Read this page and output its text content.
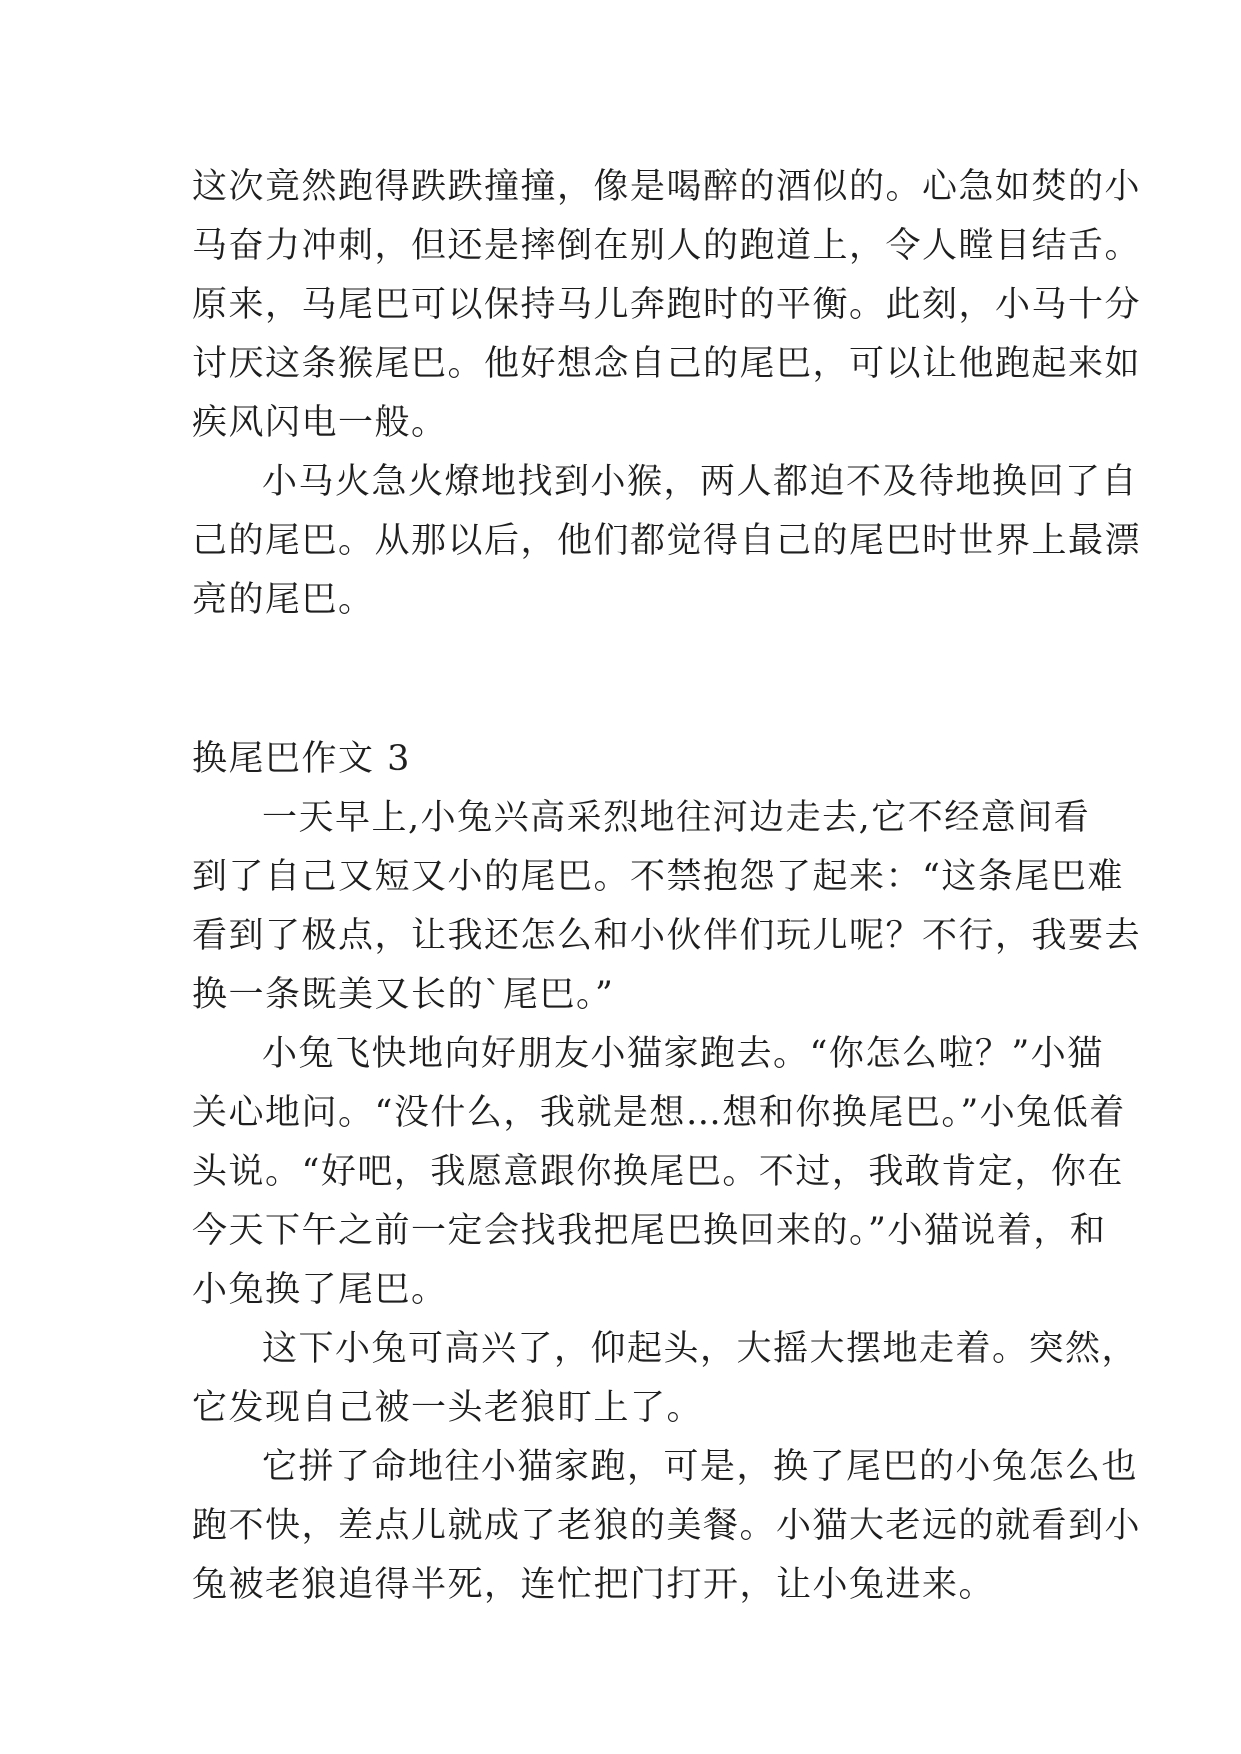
这次竟然跑得跌跌撞撞，像是喝醉的酒似的。心急如焚的小
马奋力冲刺，但还是摔倒在别人的跑道上，令人瞠目结舌。
原来，马尾巴可以保持马儿奔跑时的平衡。此刻，小马十分
讨厌这条猴尾巴。他好想念自己的尾巴，可以让他跑起来如
疾风闪电一般。
小马火急火燎地找到小猴，两人都迫不及待地换回了自
己的尾巴。从那以后，他们都觉得自己的尾巴时世界上最漂
亮的尾巴。
换尾巴作文 3
一天早上,小兔兴高采烈地往河边走去,它不经意间看
到了自己又短又小的尾巴。不禁抱怨了起来：“这条尾巴难
看到了极点，让我还怎么和小伙伴们玩儿呢？不行，我要去
换一条既美又长的`尾巴。”
小兔飞快地向好朋友小猫家跑去。“你怎么啦？”小猫
关心地问。“没什么，我就是想…想和你换尾巴。”小兔低着
头说。“好吧，我愿意跟你换尾巴。不过，我敢肯定，你在
今天下午之前一定会找我把尾巴换回来的。”小猫说着，和
小兔换了尾巴。
这下小兔可高兴了，仰起头，大摇大摆地走着。突然，
它发现自己被一头老狼盯上了。
它拼了命地往小猫家跑，可是，换了尾巴的小兔怎么也
跑不快，差点儿就成了老狼的美餐。小猫大老远的就看到小
兔被老狼追得半死，连忙把门打开，让小兔进来。
